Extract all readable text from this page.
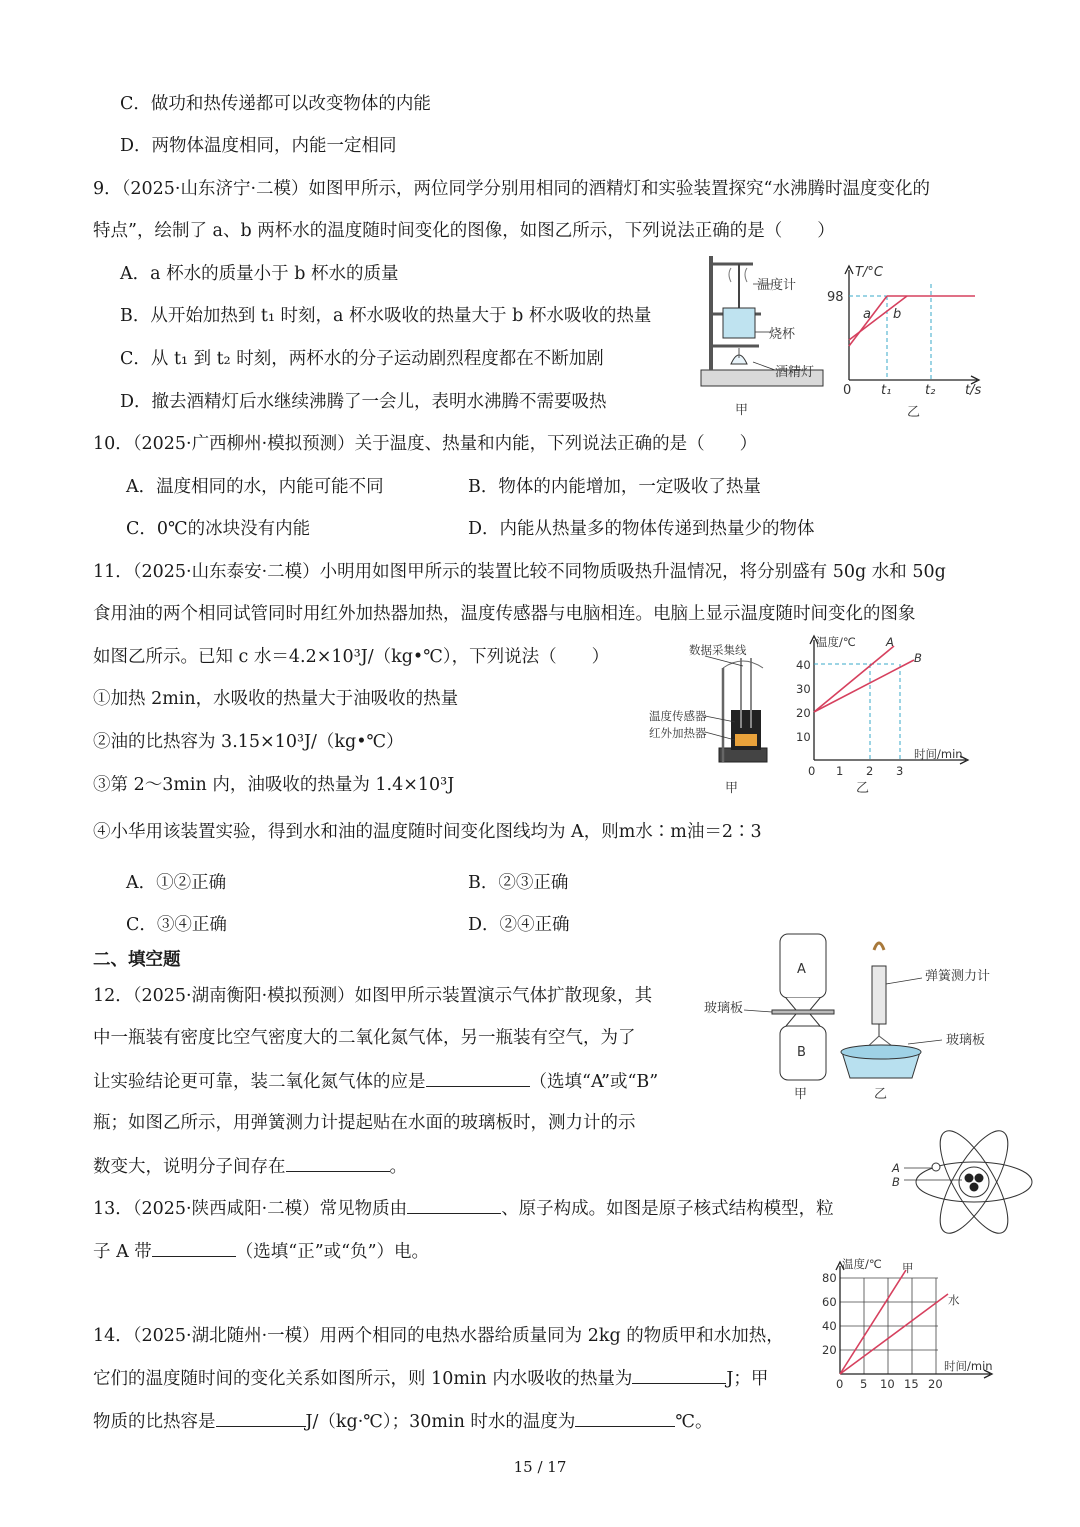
C．做功和热传递都可以改变物体的内能
D．两物体温度相同，内能一定相同
9．（2025·山东济宁·二模）如图甲所示，两位同学分别用相同的酒精灯和实验装置探究“水沸腾时温度变化的
特点”，绘制了 a、b 两杯水的温度随时间变化的图像，如图乙所示，下列说法正确的是（　　）
A．a 杯水的质量小于 b 杯水的质量
B．从开始加热到 t₁ 时刻，a 杯水吸收的热量大于 b 杯水吸收的热量
C．从 t₁ 到 t₂ 时刻，两杯水的分子运动剧烈程度都在不断加剧
D．撤去酒精灯后水继续沸腾了一会儿，表明水沸腾不需要吸热
温度计
烧杯
酒精灯
甲
T/°C
98
a b
0 t₁	t₂ t/s
乙
10．（2025·广西柳州·模拟预测）关于温度、热量和内能，下列说法正确的是（　　）
A．温度相同的水，内能可能不同	B．物体的内能增加，一定吸收了热量
C．0℃的冰块没有内能	D．内能从热量多的物体传递到热量少的物体
11．（2025·山东泰安·二模）小明用如图甲所示的装置比较不同物质吸热升温情况，将分别盛有 50g 水和 50g
食用油的两个相同试管同时用红外加热器加热，温度传感器与电脑相连。电脑上显示温度随时间变化的图象
如图乙所示。已知 c 水＝4.2×10³J/（kg•℃），下列说法（　　）
①加热 2min，水吸收的热量大于油吸收的热量
②油的比热容为 3.15×10³J/（kg•℃）
③第 2～3min 内，油吸收的热量为 1.4×10³J
④小华用该装置实验，得到水和油的温度随时间变化图线均为 A，则m水∶m油＝2∶3
A．①②正确	B．②③正确
C．③④正确	D．②④正确
数据采集线
温度传感器
红外加热器
甲
温度/℃
40
30
20
10
0 1 2 3
A
B
时间/min
乙
二、填空题
12．（2025·湖南衡阳·模拟预测）如图甲所示装置演示气体扩散现象，其
中一瓶装有密度比空气密度大的二氧化氮气体，另一瓶装有空气，为了
让实验结论更可靠，装二氧化氮气体的应是	（选填“A”或“B”
瓶；如图乙所示，用弹簧测力计提起贴在水面的玻璃板时，测力计的示
数变大，说明分子间存在	。
A
B
玻璃板
甲
弹簧测力计
玻璃板
乙
A
B
13．（2025·陕西咸阳·二模）常见物质由	、原子构成。如图是原子核式结构模型，粒
子 A 带	（选填“正”或“负”）电。
温度/℃ 甲
水
80
60
40
20
0 5 10 15 20
时间/min
14．（2025·湖北随州·一模）用两个相同的电热水器给质量同为 2kg 的物质甲和水加热，
它们的温度随时间的变化关系如图所示，则 10min 内水吸收的热量为	J；甲
物质的比热容是	J/（kg·℃）；30min 时水的温度为	℃。
15 / 17
